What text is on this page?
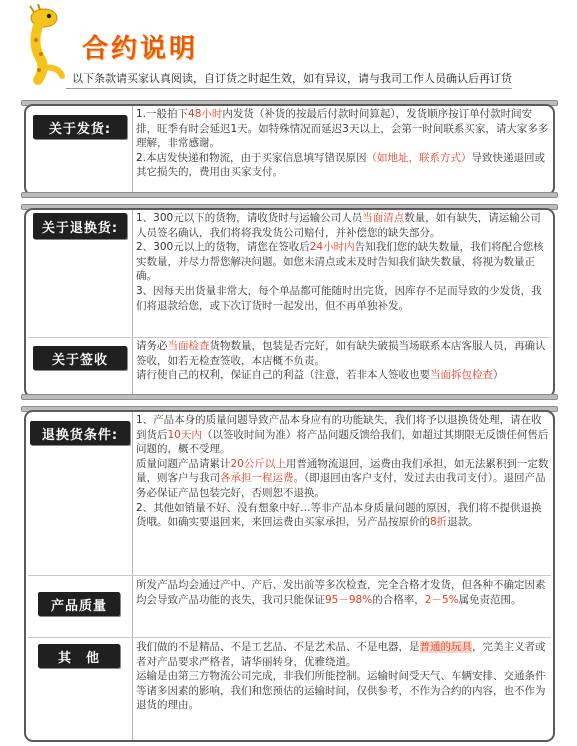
合约说明
以下条款请买家认真阅读，自订货之时起生效，如有异议，请与我司工作人员确认后再订货
关于发货:

1.一般拍下48小时内发货（补货的按最后付款时间算起），发货顺序按订单付款时间安排，旺季有时会延迟1天。如特殊情况而延迟3天以上，会第一时间联系买家，请大家多多理解，非常感谢。

2.本店发快递和物流，由于买家信息填写错误原因（如地址，联系方式）导致快递退回或其它损失的，费用由买家支付。

关于退换货:

1、300元以下的货物，请收货时与运输公司人员当面清点数量，如有缺失，请运输公司人员签名确认，我们将将我发货公司赔付，并补偿您的缺失部分。

2、300元以上的货物，请您在签收后24小时内告知我们您的缺失数量，我们将配合您核实数量，并尽力帮您解决问题。如您未清点或未及时告知我们缺失数量，将视为数量正确。

3、因每天出货量非常大，每个单品都可能随时出完货，因库存不足而导致的少发货，我们将退款给您，或下次订货时一起发出，但不再单独补发。

关于签收

请务必当面检查货物数量，包装是否完好，如有缺失破损当场联系本店客服人员，再确认签收，如若无检查签收，本店概不负责。

请行使自己的权利，保证自己的利益（注意，若非本人签收也要当面拆包检查）

退换货条件:

1、产品本身的质量问题导致产品本身应有的功能缺失，我们将予以退换货处理，请在收到货后10天内（以签收时间为准）将产品问题反馈给我们，如超过其期限无反馈任何售后问题的，概不受理。

质量问题产品请累计20公斤以上用普通物流退回，运费由我们承担，如无法累积到一定数量，则客户与我司各承担一程运费。（即退回由客户支付，发过去由我司支付）。退回产品务必保证产品包装完好，否则恕不退换。

2、其他如销量不好、没有想象中好…等非产品本身质量问题的原因，我们将不提供退换货哦。如确实要退回来，来回运费由买家承担，另产品按原价的8折退款。

产品质量

所发产品均会通过产中、产后、发出前等多次检查，完全合格才发货，但各种不确定因素均会导致产品功能的丧失，我司只能保证95－98%的合格率，2－5%属免责范围。

其　他

我们做的不是精品、不是工艺品、不是艺术品、不是电器，是普通的玩具，完美主义者或者对产品要求严格者，请华丽转身，优雅绕道。

运输是由第三方物流公司完成，非我们所能控制。运输时间受天气、车辆安排、交通条件等诸多因素的影响，我们和您预估的运输时间，仅供参考，不作为合约的内容，也不作为退货的理由。
